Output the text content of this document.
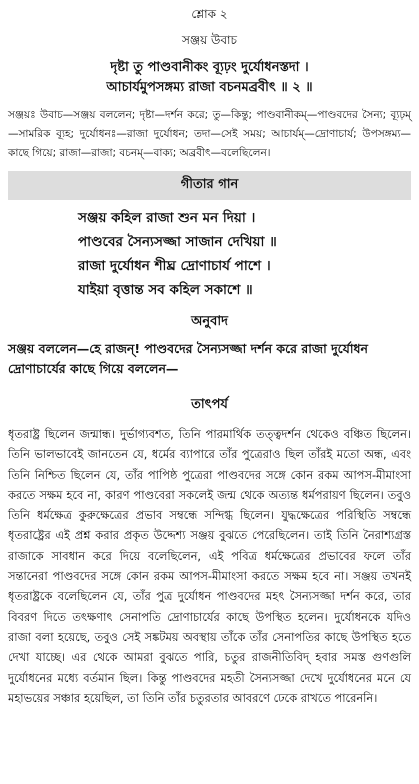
শ্লোক ২
সঞ্জয় উবাচ
দৃষ্টা তু পাণ্ডবানীকং ব্যূঢ়ং দুর্যোধনস্তদা ।
আচার্যমুপসঙ্গম্য রাজা বচনমব্রবীৎ ॥ ২ ॥
সঞ্জয়ঃ উবাচ—সঞ্জয় বললেন; দৃষ্টা—দর্শন করে; তু—কিন্তু; পাণ্ডবানীকম্—পাণ্ডবদের সৈন্য; ব্যূঢ়ম্—সামরিক ব্যূহ; দুর্যোধনঃ—রাজা দুর্যোধন; তদা—সেই সময়; আচার্যম্—দ্রোণাচার্য; উপসঙ্গম্য—কাছে গিয়ে; রাজা—রাজা; বচনম্—বাক্য; অব্রবীৎ—বলেছিলেন।
গীতার গান
সঞ্জয় কহিল রাজা শুন মন দিয়া ।
পাণ্ডবের সৈন্যসজ্জা সাজান দেখিয়া ॥
রাজা দুর্যোধন শীঘ্র দ্রোণাচার্য পাশে ।
যাইয়া বৃত্তান্ত সব কহিল সকাশে ॥
অনুবাদ
সঞ্জয় বললেন—হে রাজন্! পাণ্ডবদের সৈন্যসজ্জা দর্শন করে রাজা দুর্যোধন দ্রোণাচার্যের কাছে গিয়ে বললেন—
তাৎপর্য
ধৃতরাষ্ট্র ছিলেন জন্মান্ধ। দুর্ভাগ্যবশত, তিনি পারমার্থিক তত্ত্বদর্শন থেকেও বঞ্চিত ছিলেন। তিনি ভালভাবেই জানতেন যে, ধর্মের ব্যাপারে তাঁর পুত্রেরাও ছিল তাঁরই মতো অন্ধ, এবং তিনি নিশ্চিত ছিলেন যে, তাঁর পাপিষ্ঠ পুত্রেরা পাণ্ডবদের সঙ্গে কোন রকম আপস-মীমাংসা করতে সক্ষম হবে না, কারণ পাণ্ডবেরা সকলেই জন্ম থেকে অত্যন্ত ধর্মপরায়ণ ছিলেন। তবুও তিনি ধর্মক্ষেত্র কুরুক্ষেত্রের প্রভাব সম্বন্ধে সন্দিগ্ধ ছিলেন। যুদ্ধক্ষেত্রের পরিস্থিতি সম্বন্ধে ধৃতরাষ্ট্রের এই প্রশ্ন করার প্রকৃত উদ্দেশ্য সঞ্জয় বুঝতে পেরেছিলেন। তাই তিনি নৈরাশ্যগ্রস্ত রাজাকে সাবধান করে দিয়ে বলেছিলেন, এই পবিত্র ধর্মক্ষেত্রের প্রভাবের ফলে তাঁর সন্তানেরা পাণ্ডবদের সঙ্গে কোন রকম আপস-মীমাংসা করতে সক্ষম হবে না। সঞ্জয় তখনই ধৃতরাষ্ট্রকে বলেছিলেন যে, তাঁর পুত্র দুর্যোধন পাণ্ডবদের মহৎ সৈন্যসজ্জা দর্শন করে, তার বিবরণ দিতে তৎক্ষণাৎ সেনাপতি দ্রোণাচার্যের কাছে উপস্থিত হলেন। দুর্যোধনকে যদিও রাজা বলা হয়েছে, তবুও সেই সঙ্কটময় অবস্থায় তাঁকে তাঁর সেনাপতির কাছে উপস্থিত হতে দেখা যাচ্ছে। এর থেকে আমরা বুঝতে পারি, চতুর রাজনীতিবিদ্‌ হবার সমস্ত গুণগুলি দুর্যোধনের মধ্যে বর্তমান ছিল। কিন্তু পাণ্ডবদের মহতী সৈন্যসজ্জা দেখে দুর্যোধনের মনে যে মহাভয়ের সঞ্চার হয়েছিল, তা তিনি তাঁর চতুরতার আবরণে ঢেকে রাখতে পারেননি।
